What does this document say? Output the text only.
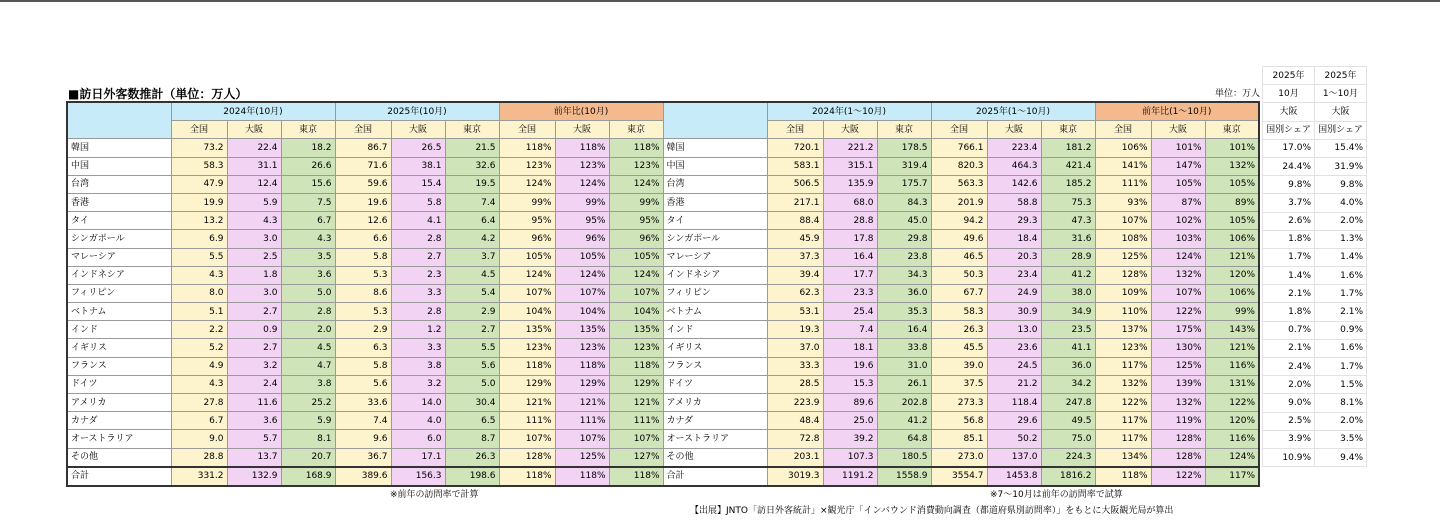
■訪日外客数推計（単位：万人）	単位：万人
	2024年(10月)			2025年(10月)			前年比(10月)				2024年(1～10月)			2025年(1～10月)			前年比(1～10月)		
	全国	大阪	東京	全国	大阪	東京	全国	大阪	東京		全国	大阪	東京	全国	大阪	東京	全国	大阪	東京
韓国	73.2	22.4	18.2	86.7	26.5	21.5	118%	118%	118%	韓国	720.1	221.2	178.5	766.1	223.4	181.2	106%	101%	101%
中国	58.3	31.1	26.6	71.6	38.1	32.6	123%	123%	123%	中国	583.1	315.1	319.4	820.3	464.3	421.4	141%	147%	132%
台湾	47.9	12.4	15.6	59.6	15.4	19.5	124%	124%	124%	台湾	506.5	135.9	175.7	563.3	142.6	185.2	111%	105%	105%
香港	19.9	5.9	7.5	19.6	5.8	7.4	99%	99%	99%	香港	217.1	68.0	84.3	201.9	58.8	75.3	93%	87%	89%
タイ	13.2	4.3	6.7	12.6	4.1	6.4	95%	95%	95%	タイ	88.4	28.8	45.0	94.2	29.3	47.3	107%	102%	105%
シンガポール	6.9	3.0	4.3	6.6	2.8	4.2	96%	96%	96%	シンガポール	45.9	17.8	29.8	49.6	18.4	31.6	108%	103%	106%
マレーシア	5.5	2.5	3.5	5.8	2.7	3.7	105%	105%	105%	マレーシア	37.3	16.4	23.8	46.5	20.3	28.9	125%	124%	121%
インドネシア	4.3	1.8	3.6	5.3	2.3	4.5	124%	124%	124%	インドネシア	39.4	17.7	34.3	50.3	23.4	41.2	128%	132%	120%
フィリピン	8.0	3.0	5.0	8.6	3.3	5.4	107%	107%	107%	フィリピン	62.3	23.3	36.0	67.7	24.9	38.0	109%	107%	106%
ベトナム	5.1	2.7	2.8	5.3	2.8	2.9	104%	104%	104%	ベトナム	53.1	25.4	35.3	58.3	30.9	34.9	110%	122%	99%
インド	2.2	0.9	2.0	2.9	1.2	2.7	135%	135%	135%	インド	19.3	7.4	16.4	26.3	13.0	23.5	137%	175%	143%
イギリス	5.2	2.7	4.5	6.3	3.3	5.5	123%	123%	123%	イギリス	37.0	18.1	33.8	45.5	23.6	41.1	123%	130%	121%
フランス	4.9	3.2	4.7	5.8	3.8	5.6	118%	118%	118%	フランス	33.3	19.6	31.0	39.0	24.5	36.0	117%	125%	116%
ドイツ	4.3	2.4	3.8	5.6	3.2	5.0	129%	129%	129%	ドイツ	28.5	15.3	26.1	37.5	21.2	34.2	132%	139%	131%
アメリカ	27.8	11.6	25.2	33.6	14.0	30.4	121%	121%	121%	アメリカ	223.9	89.6	202.8	273.3	118.4	247.8	122%	132%	122%
カナダ	6.7	3.6	5.9	7.4	4.0	6.5	111%	111%	111%	カナダ	48.4	25.0	41.2	56.8	29.6	49.5	117%	119%	120%
オーストラリア	9.0	5.7	8.1	9.6	6.0	8.7	107%	107%	107%	オーストラリア	72.8	39.2	64.8	85.1	50.2	75.0	117%	128%	116%
その他	28.8	13.7	20.7	36.7	17.1	26.3	128%	125%	127%	その他	203.1	107.3	180.5	273.0	137.0	224.3	134%	128%	124%
合計	331.2	132.9	168.9	389.6	156.3	198.6	118%	118%	118%	合計	3019.3	1191.2	1558.9	3554.7	1453.8	1816.2	118%	122%	117%
2025年	2025年
10月	1～10月
大阪	大阪
国別シェア	国別シェア
17.0%	15.4%
24.4%	31.9%
9.8%	9.8%
3.7%	4.0%
2.6%	2.0%
1.8%	1.3%
1.7%	1.4%
1.4%	1.6%
2.1%	1.7%
1.8%	2.1%
0.7%	0.9%
2.1%	1.6%
2.4%	1.7%
2.0%	1.5%
9.0%	8.1%
2.5%	2.0%
3.9%	3.5%
10.9%	9.4%
※前年の訪問率で計算	※7～10月は前年の訪問率で試算
【出展】JNTO「訪日外客統計」×観光庁「インバウンド消費動向調査（都道府県別訪問率）」をもとに大阪観光局が算出
